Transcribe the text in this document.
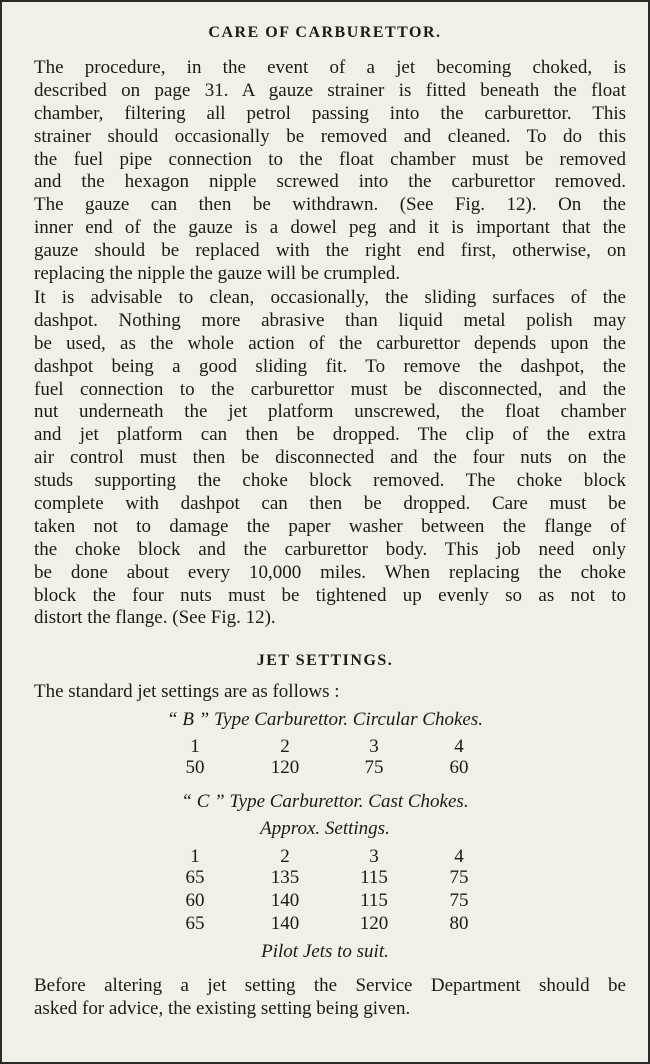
CARE OF CARBURETTOR.
The procedure, in the event of a jet becoming choked, is
described on page 31. A gauze strainer is fitted beneath the float
chamber, filtering all petrol passing into the carburettor. This
strainer should occasionally be removed and cleaned. To do this
the fuel pipe connection to the float chamber must be removed
and the hexagon nipple screwed into the carburettor removed.
The gauze can then be withdrawn. (See Fig. 12). On the
inner end of the gauze is a dowel peg and it is important that the
gauze should be replaced with the right end first, otherwise, on
replacing the nipple the gauze will be crumpled.
It is advisable to clean, occasionally, the sliding surfaces of the
dashpot. Nothing more abrasive than liquid metal polish may
be used, as the whole action of the carburettor depends upon the
dashpot being a good sliding fit. To remove the dashpot, the
fuel connection to the carburettor must be disconnected, and the
nut underneath the jet platform unscrewed, the float chamber
and jet platform can then be dropped. The clip of the extra
air control must then be disconnected and the four nuts on the
studs supporting the choke block removed. The choke block
complete with dashpot can then be dropped. Care must be
taken not to damage the paper washer between the flange of
the choke block and the carburettor body. This job need only
be done about every 10,000 miles. When replacing the choke
block the four nuts must be tightened up evenly so as not to
distort the flange. (See Fig. 12).
JET SETTINGS.
The standard jet settings are as follows :
“ B ” Type Carburettor. Circular Chokes.
1	2	3	4
50	120	75	60
“ C ” Type Carburettor. Cast Chokes.
Approx. Settings.
1	2	3	4
65	135	115	75
60	140	115	75
65	140	120	80
Pilot Jets to suit.
Before altering a jet setting the Service Department should be
asked for advice, the existing setting being given.
